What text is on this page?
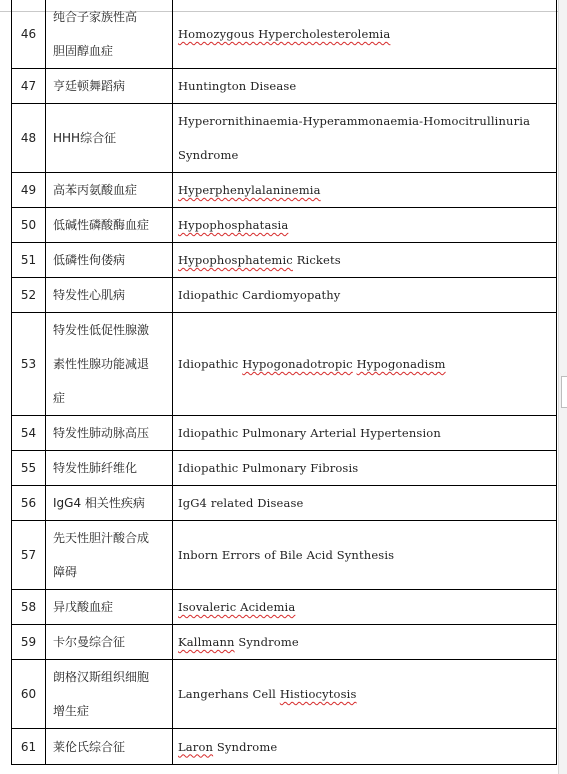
46	纯合子家族性高
胆固醇血症	Homozygous Hypercholesterolemia
47	亨廷顿舞蹈病	Huntington Disease
48	HHH综合征	Hyperornithinaemia-Hyperammonaemia-Homocitrullinuria
Syndrome
49	高苯丙氨酸血症	Hyperphenylalaninemia
50	低碱性磷酸酶血症	Hypophosphatasia
51	低磷性佝偻病	Hypophosphatemic Rickets
52	特发性心肌病	Idiopathic Cardiomyopathy
53	特发性低促性腺激
素性性腺功能减退
症	Idiopathic Hypogonadotropic Hypogonadism
54	特发性肺动脉高压	Idiopathic Pulmonary Arterial Hypertension
55	特发性肺纤维化	Idiopathic Pulmonary Fibrosis
56	IgG4 相关性疾病	IgG4 related Disease
57	先天性胆汁酸合成
障碍	Inborn Errors of Bile Acid Synthesis
58	异戊酸血症	Isovaleric Acidemia
59	卡尔曼综合征	Kallmann Syndrome
60	朗格汉斯组织细胞
增生症	Langerhans Cell Histiocytosis
61	莱伦氏综合征	Laron Syndrome
